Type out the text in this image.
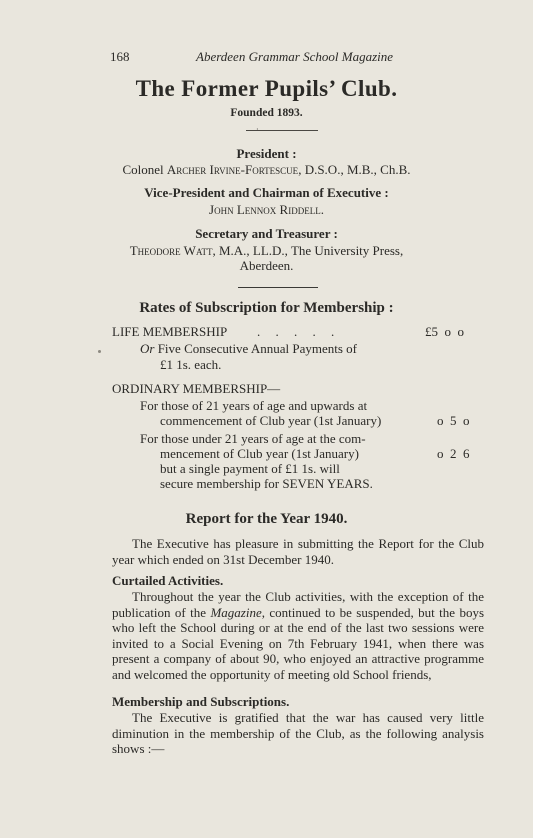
168	Aberdeen Grammar School Magazine
The Former Pupils’ Club.
Founded 1893.
·
President :
Colonel Archer Irvine-Fortescue, D.S.O., M.B., Ch.B.
Vice-President and Chairman of Executive :
John Lennox Riddell.
Secretary and Treasurer :
Theodore Watt, M.A., LL.D., The University Press,
Aberdeen.
Rates of Subscription for Membership :
LIFE MEMBERSHIP . . . . .	£5  o  o
Or Five Consecutive Annual Payments of
£1 1s. each.
ORDINARY MEMBERSHIP—
For those of 21 years of age and upwards at
commencement of Club year (1st January)	o  5  o
For those under 21 years of age at the com-
mencement of Club year (1st January)	o  2  6
but a single payment of £1 1s. will
secure membership for SEVEN YEARS.
Report for the Year 1940.
The Executive has pleasure in submitting the Report for the Club year which ended on 31st December 1940.
Curtailed Activities.
Throughout the year the Club activities, with the exception of the publication of the Magazine, continued to be suspended, but the boys who left the School during or at the end of the last two sessions were invited to a Social Evening on 7th February 1941, when there was present a company of about 90, who enjoyed an attractive programme and welcomed the opportunity of meeting old School friends,
Membership and Subscriptions.
The Executive is gratified that the war has caused very little diminution in the membership of the Club, as the following analysis shows :—
